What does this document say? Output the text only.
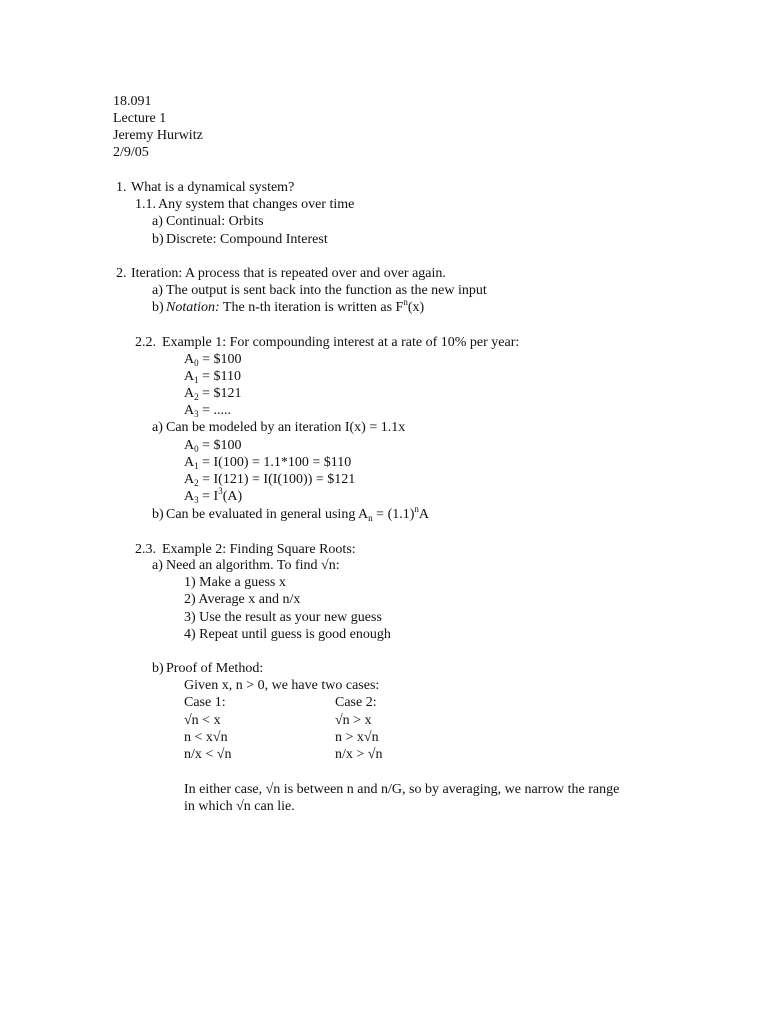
18.091
Lecture 1
Jeremy Hurwitz
2/9/05
1. What is a dynamical system?
1.1. Any system that changes over time
a) Continual: Orbits
b) Discrete: Compound Interest
2. Iteration: A process that is repeated over and over again.
a) The output is sent back into the function as the new input
b) Notation: The n-th iteration is written as $F^n(x)$
2.2. Example 1: For compounding interest at a rate of 10% per year:
$A_0$ = $100
$A_1$ = $110
$A_2$ = $121
$A_3$ = .....
a) Can be modeled by an iteration I(x) = 1.1x
$A_0$ = $100
$A_1 = I(100) = 1.1*100$ = $110
$A_2 = I(121) = I(I(100))$ = $121
$A_3 = I^3(A)$
b) Can be evaluated in general using $A_n = (1.1)^nA$
2.3. Example 2: Finding Square Roots:
a) Need an algorithm. To find √n:
1) Make a guess x
2) Average x and n/x
3) Use the result as your new guess
4) Repeat until guess is good enough
b) Proof of Method:
Given x, n > 0, we have two cases:
Case 1:	Case 2:
√n < x	√n > x
n < x√n	n > x√n
n/x < √n	n/x > √n
In either case, √n is between n and n/G, so by averaging, we narrow the range
in which √n can lie.
